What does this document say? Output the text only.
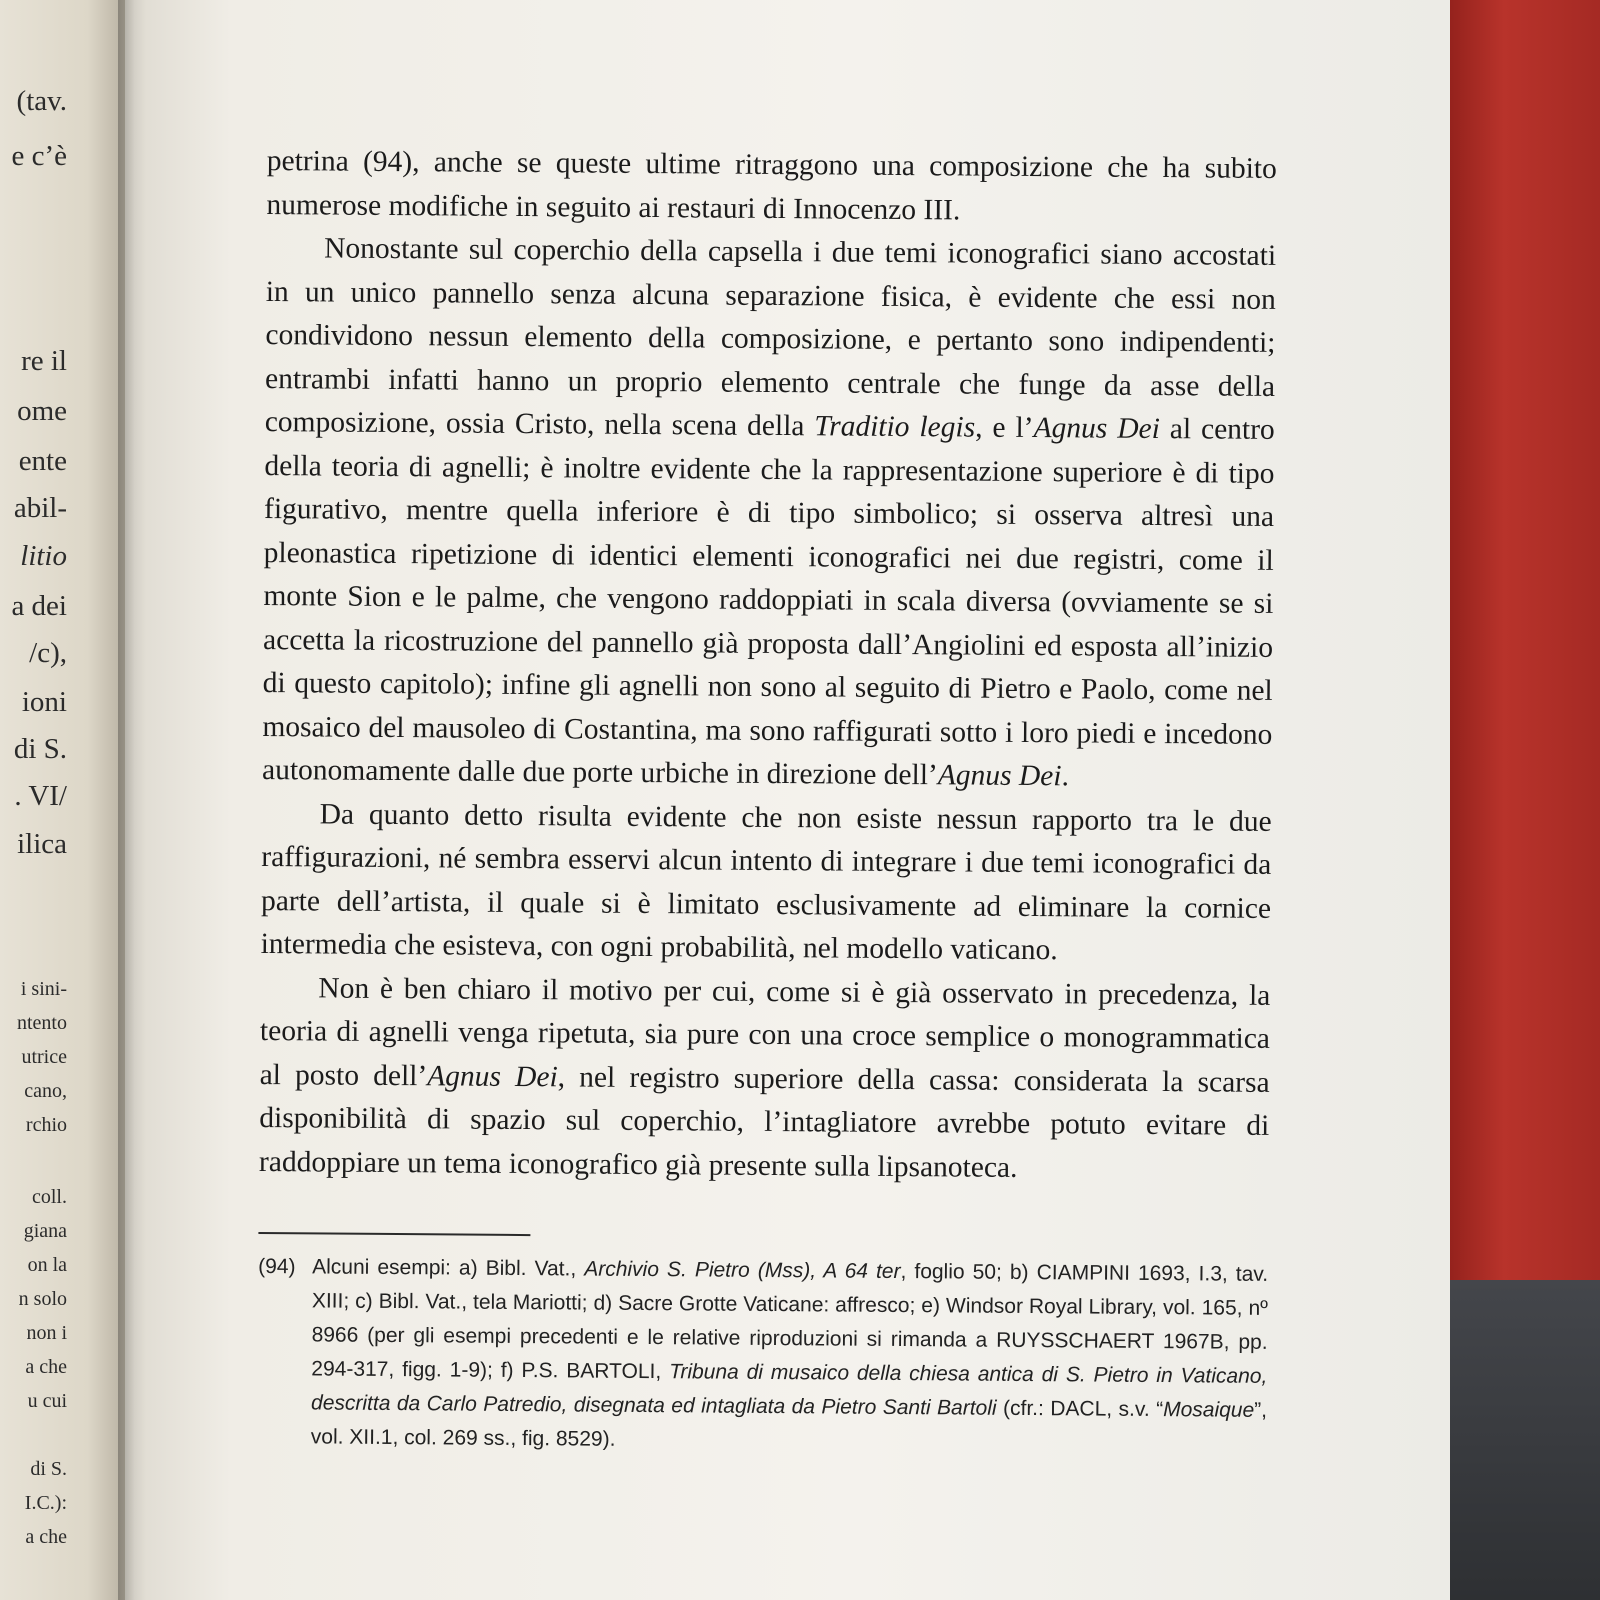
(tav.
e c’è
re il
ome
ente
abil-
litio
a dei
/c),
ioni
di S.
. VI/
ilica
i sini-
ntento
utrice
cano,
rchio
coll.
giana
on la
n solo
non i
a che
u cui
di S.
I.C.):
a che

petrina (94), anche se queste ultime ritraggono una composizione che ha subito numerose modifiche in seguito ai restauri di Innocenzo III.

Nonostante sul coperchio della capsella i due temi iconografici siano accostati in un unico pannello senza alcuna separazione fisica, è evidente che essi non condividono nessun elemento della composizione, e pertanto sono indipendenti; entrambi infatti hanno un proprio elemento centrale che funge da asse della composizione, ossia Cristo, nella scena della Traditio legis, e l’Agnus Dei al centro della teoria di agnelli; è inoltre evidente che la rappresentazione superiore è di tipo figurativo, mentre quella inferiore è di tipo simbolico; si osserva altresì una pleonastica ripetizione di identici elementi iconografici nei due registri, come il monte Sion e le palme, che vengono raddoppiati in scala diversa (ovviamente se si accetta la ricostruzione del pannello già proposta dall’Angiolini ed esposta all’inizio di questo capitolo); infine gli agnelli non sono al seguito di Pietro e Paolo, come nel mosaico del mausoleo di Costantina, ma sono raffigurati sotto i loro piedi e incedono autonomamente dalle due porte urbiche in direzione dell’Agnus Dei.

Da quanto detto risulta evidente che non esiste nessun rapporto tra le due raffigurazioni, né sembra esservi alcun intento di integrare i due temi iconografici da parte dell’artista, il quale si è limitato esclusivamente ad eliminare la cornice intermedia che esisteva, con ogni probabilità, nel modello vaticano.

Non è ben chiaro il motivo per cui, come si è già osservato in precedenza, la teoria di agnelli venga ripetuta, sia pure con una croce semplice o monogrammatica al posto dell’Agnus Dei, nel registro superiore della cassa: considerata la scarsa disponibilità di spazio sul coperchio, l’intagliatore avrebbe potuto evitare di raddoppiare un tema iconografico già presente sulla lipsanoteca.

(94) Alcuni esempi: a) Bibl. Vat., Archivio S. Pietro (Mss), A 64 ter, foglio 50; b) CIAMPINI 1693, I.3, tav. XIII; c) Bibl. Vat., tela Mariotti; d) Sacre Grotte Vaticane: affresco; e) Windsor Royal Library, vol. 165, nº 8966 (per gli esempi precedenti e le relative riproduzioni si rimanda a RUYSSCHAERT 1967B, pp. 294-317, figg. 1-9); f) P.S. BARTOLI, Tribuna di musaico della chiesa antica di S. Pietro in Vaticano, descritta da Carlo Patredio, disegnata ed intagliata da Pietro Santi Bartoli (cfr.: DACL, s.v. “Mosaique”, vol. XII.1, col. 269 ss., fig. 8529).
